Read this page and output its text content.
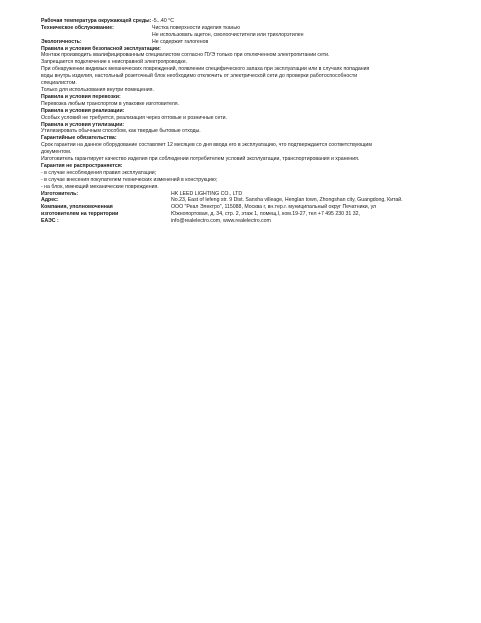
Рабочая температура окружающей среды: -5...40 °С
Техническое обслуживание:	Чистка поверхности изделия тканью
Не использовать ацетон, смолоочистители или трихлорэтилен
Экологичность:	Не содержит галогенов
Правила и условия безопасной эксплуатации:
Монтаж производить квалифицированным специалистом согласно ПУЭ только при отключенном электропитании сети.
Запрещается подключение к неисправной электропроводке.
При обнаружении видимых механических повреждений, появлении специфического запаха при эксплуатации или в случаях попадания
воды внутрь изделия, настольный розеточный блок необходимо отключить от электрической сети до проверки работоспособности
специалистом.
Только для использования внутри помещения.
Правила и условия перевозки:
Перевозка любым транспортом в упаковке изготовителя.
Правила и условия реализации:
Особых условий не требуется, реализация через оптовые и розничные сети.
Правила и условия утилизации:
Утилизировать обычным способом, как твердые бытовые отходы.
Гарантийные обязательства:
Срок гарантии на данное оборудование составляет 12 месяцев со дня ввода его в эксплуатацию, что подтверждается соответствующим
документом.
Изготовитель гарантирует качество изделия при соблюдении потребителем условий эксплуатации, транспортирования и хранения.
Гарантия не распространяется:
- в случае несоблюдения правил эксплуатации;
- в случае внесения покупателем технических изменений в конструкцию;
- на блок, имеющий механические повреждения.
Изготовитель:	HK LEED LIGHTING CO., LTD
Адрес:	No.23, East of lefeng str. 9 Dist. Sanxha villeage, Henglan town, Zhongshan city, Guangdong, Китай.
Компания, уполномоченная	ООО "Реал Электро", 115088, Москва г, вн.тер.г. муниципальный округ Печатники, ул
изготовителем на территории	Южнопортовая, д. 34, стр. 2, этаж 1, помещ.I, ком.19-27, тел +7 495 230 31 32,
ЕАЭС :	info@realelectro.com, www.realelectro.com
